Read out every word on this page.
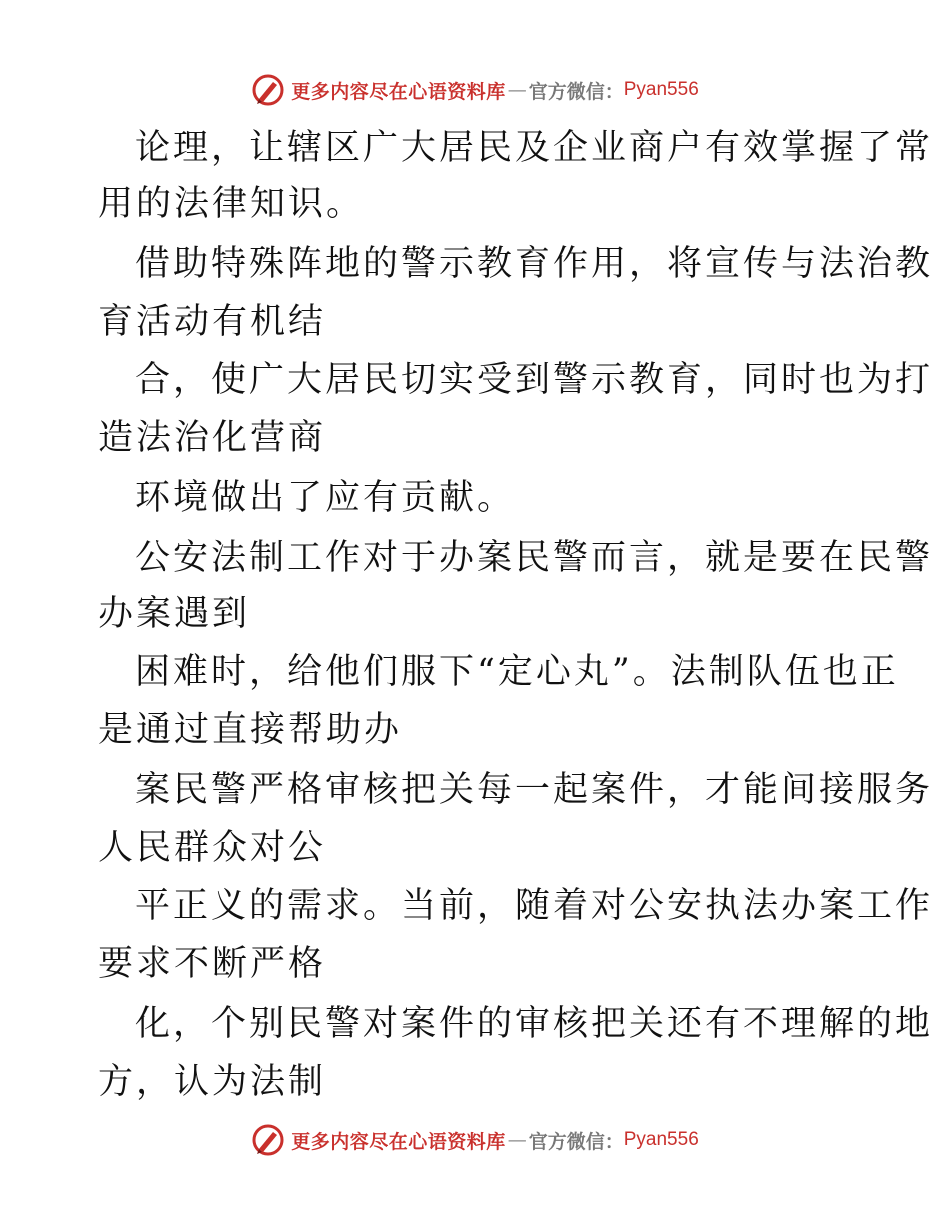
更多内容尽在心语资料库 — 官方微信： Pyan556
论理，让辖区广大居民及企业商户有效掌握了常
用的法律知识。
借助特殊阵地的警示教育作用，将宣传与法治教
育活动有机结
合，使广大居民切实受到警示教育，同时也为打
造法治化营商
环境做出了应有贡献。
公安法制工作对于办案民警而言，就是要在民警
办案遇到
困难时，给他们服下“定心丸”。法制队伍也正
是通过直接帮助办
案民警严格审核把关每一起案件，才能间接服务
人民群众对公
平正义的需求。当前，随着对公安执法办案工作
要求不断严格
化，个别民警对案件的审核把关还有不理解的地
方，认为法制
更多内容尽在心语资料库 — 官方微信： Pyan556
